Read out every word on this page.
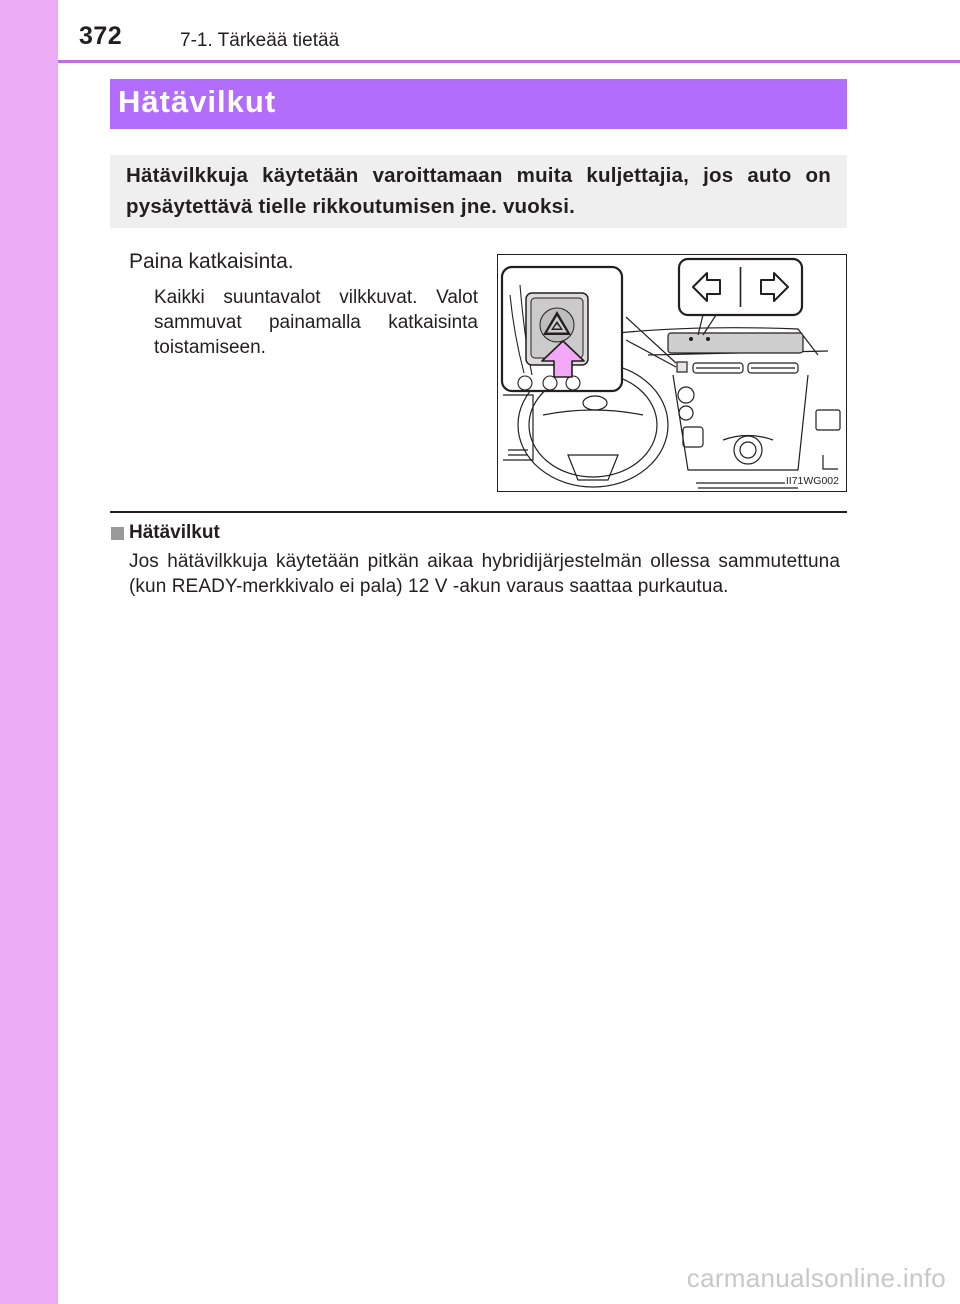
372	7-1. Tärkeää tietää
Hätävilkut

Hätävilkkuja käytetään varoittamaan muita kuljettajia, jos auto on pysäytettävä tielle rikkoutumisen jne. vuoksi.

Paina katkaisinta.

Kaikki suuntavalot vilkkuvat. Valot sammuvat painamalla katkaisinta toistamiseen.

II71WG002
Hätävilkut

Jos hätävilkkuja käytetään pitkän aikaa hybridijärjestelmän ollessa sammutettuna (kun READY-merkkivalo ei pala) 12 V -akun varaus saattaa purkautua.

carmanualsonline.info
